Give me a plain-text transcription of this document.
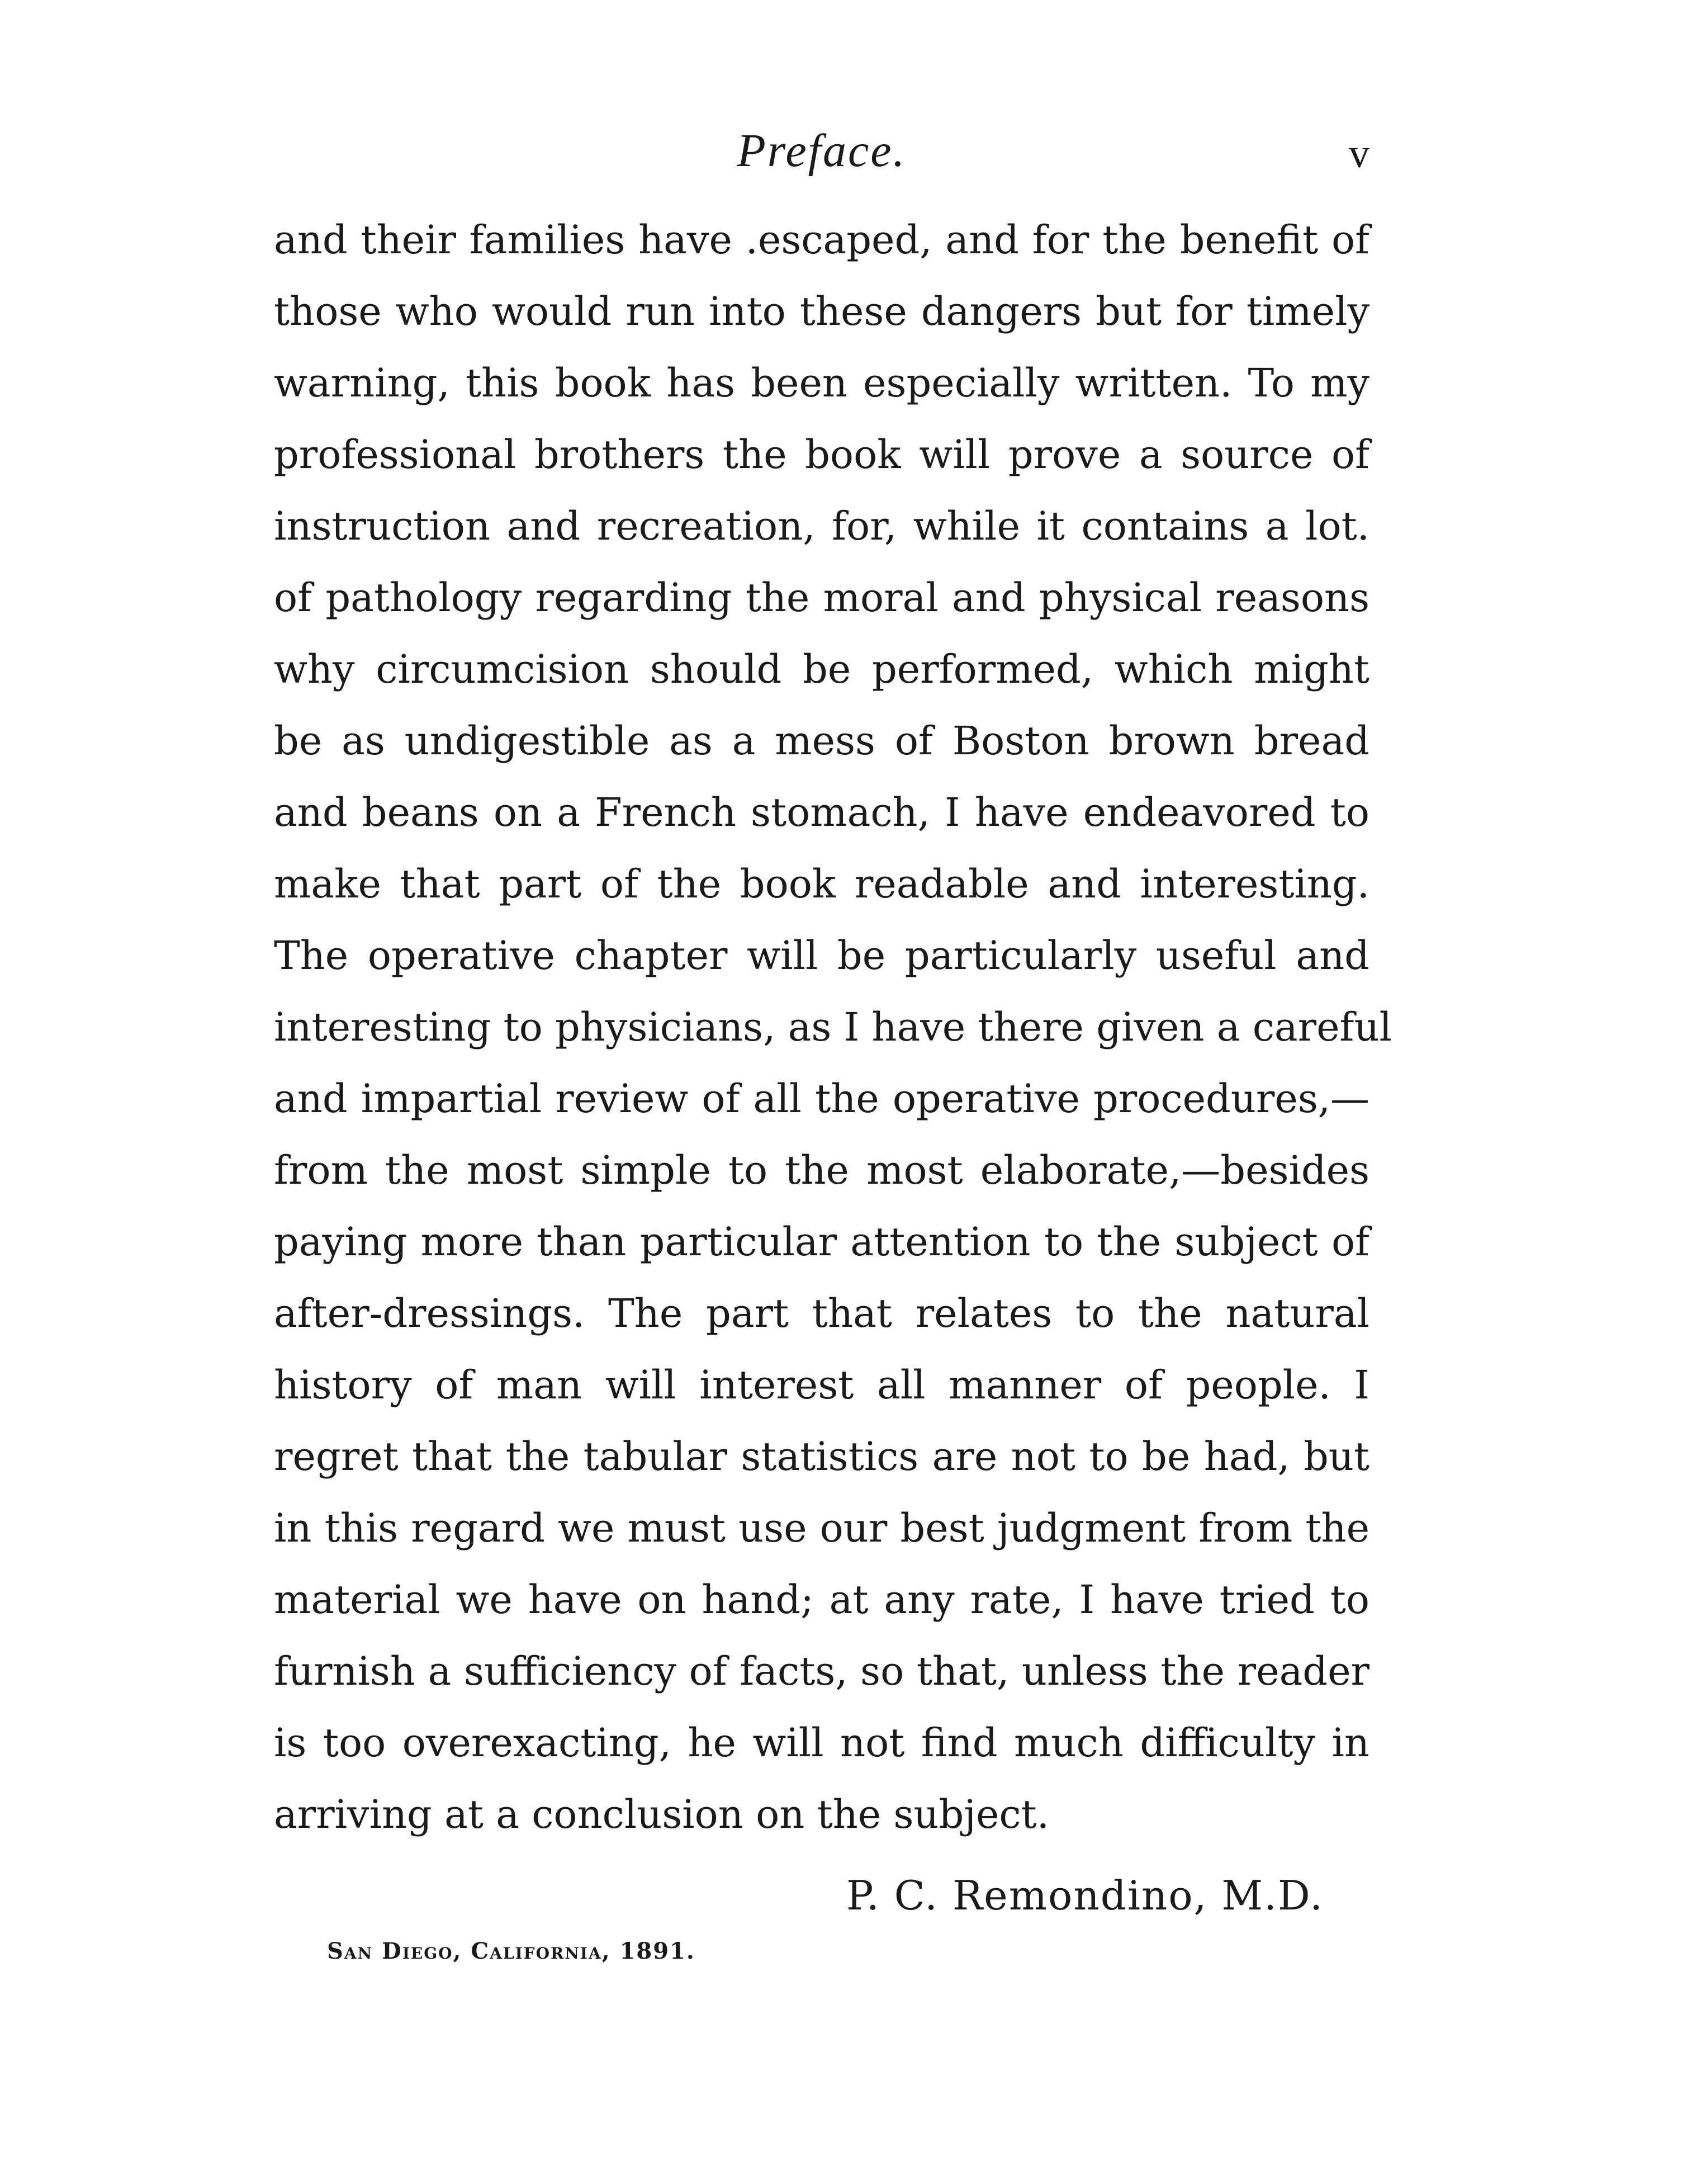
Preface.	v
and their families have .escaped, and for the benefit of
those who would run into these dangers but for timely
warning, this book has been especially written. To my
professional brothers the book will prove a source of
instruction and recreation, for, while it contains a lot.
of pathology regarding the moral and physical reasons
why circumcision should be performed, which might
be as undigestible as a mess of Boston brown bread
and beans on a French stomach, I have endeavored to
make that part of the book readable and interesting.
The operative chapter will be particularly useful and
interesting to physicians, as I have there given a careful
and impartial review of all the operative procedures,—
from the most simple to the most elaborate,—besides
paying more than particular attention to the subject of
after-dressings. The part that relates to the natural
history of man will interest all manner of people. I
regret that the tabular statistics are not to be had, but
in this regard we must use our best judgment from the
material we have on hand; at any rate, I have tried to
furnish a sufficiency of facts, so that, unless the reader
is too overexacting, he will not find much difficulty in
arriving at a conclusion on the subject.
P. C. Remondino, M.D.
San Diego, California, 1891.
